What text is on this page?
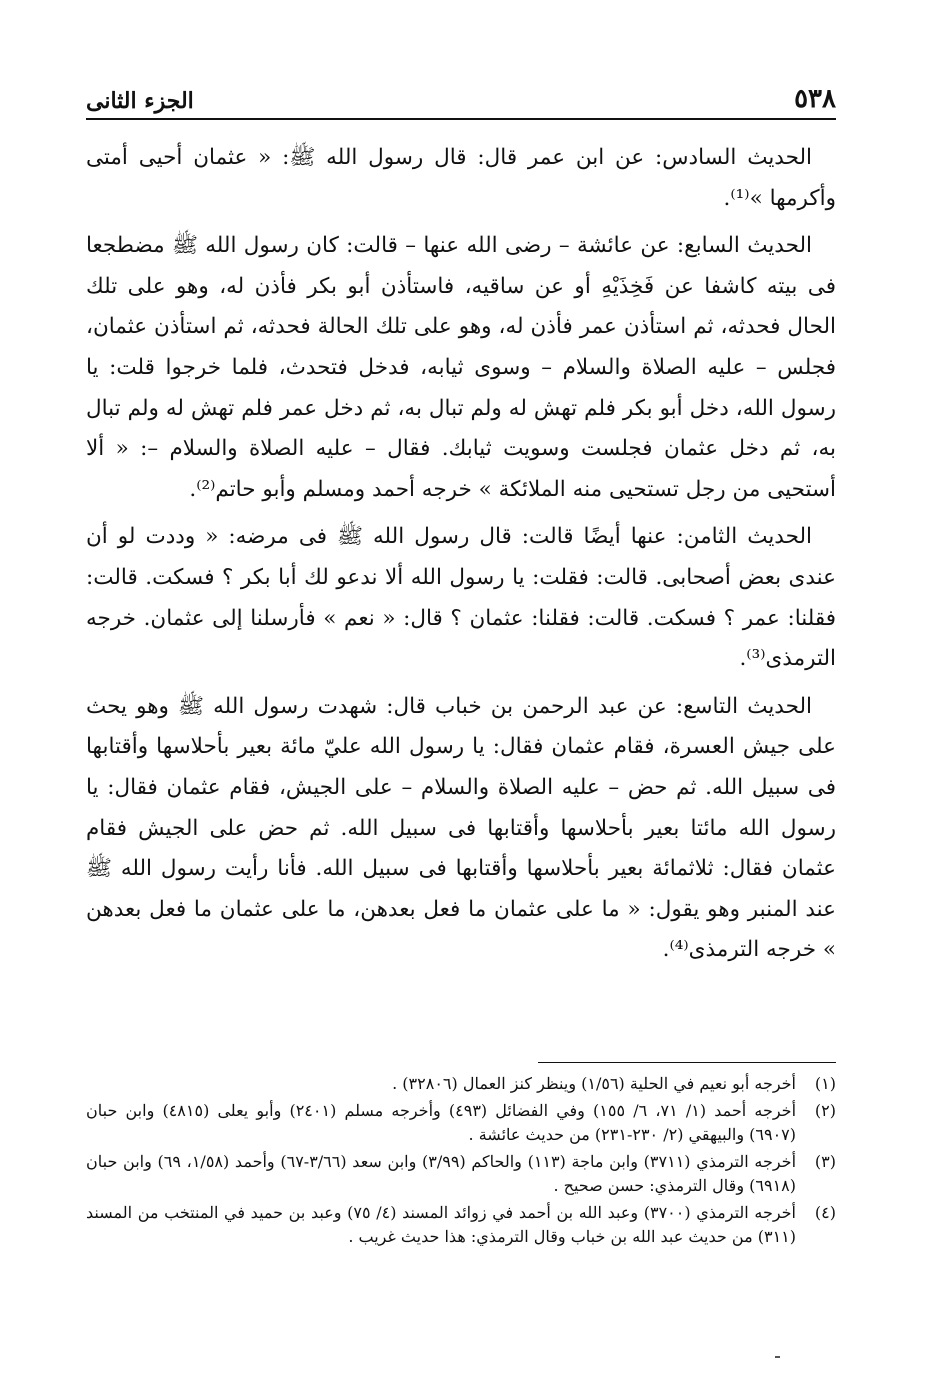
٥٣٨
الجزء الثانى

الحديث السادس: عن ابن عمر قال: قال رسول الله ﷺ: « عثمان أحيى أمتى وأكرمها »⁽¹⁾.

الحديث السابع: عن عائشة – رضى الله عنها – قالت: كان رسول الله ﷺ مضطجعا فى بيته كاشفا عن فَخِذَيْهِ أو عن ساقيه، فاستأذن أبو بكر فأذن له، وهو على تلك الحال فحدثه، ثم استأذن عمر فأذن له، وهو على تلك الحالة فحدثه، ثم استأذن عثمان، فجلس – عليه الصلاة والسلام – وسوى ثيابه، فدخل فتحدث، فلما خرجوا قلت: يا رسول الله، دخل أبو بكر فلم تهش له ولم تبال به، ثم دخل عمر فلم تهش له ولم تبال به، ثم دخل عثمان فجلست وسويت ثيابك. فقال – عليه الصلاة والسلام –: « ألا أستحيى من رجل تستحيى منه الملائكة » خرجه أحمد ومسلم وأبو حاتم⁽²⁾.

الحديث الثامن: عنها أيضًا قالت: قال رسول الله ﷺ فى مرضه: « وددت لو أن عندى بعض أصحابى. قالت: فقلت: يا رسول الله ألا ندعو لك أبا بكر ؟ فسكت. قالت: فقلنا: عمر ؟ فسكت. قالت: فقلنا: عثمان ؟ قال: « نعم » فأرسلنا إلى عثمان. خرجه الترمذى⁽³⁾.

الحديث التاسع: عن عبد الرحمن بن خباب قال: شهدت رسول الله ﷺ وهو يحث على جيش العسرة، فقام عثمان فقال: يا رسول الله عليّ مائة بعير بأحلاسها وأقتابها فى سبيل الله. ثم حض – عليه الصلاة والسلام – على الجيش، فقام عثمان فقال: يا رسول الله مائتا بعير بأحلاسها وأقتابها فى سبيل الله. ثم حض على الجيش فقام عثمان فقال: ثلاثمائة بعير بأحلاسها وأقتابها فى سبيل الله. فأنا رأيت رسول الله ﷺ عند المنبر وهو يقول: « ما على عثمان ما فعل بعدهن، ما على عثمان ما فعل بعدهن » خرجه الترمذى⁽⁴⁾.

(١)
أخرجه أبو نعيم في الحلية (١/٥٦) وينظر كنز العمال (٣٢٨٠٦) .
(٢)
أخرجه أحمد (١/ ٧١، ٦/ ١٥٥) وفي الفضائل (٤٩٣) وأخرجه مسلم (٢٤٠١) وأبو يعلى (٤٨١٥) وابن حبان (٦٩٠٧) والبيهقي (٢/ ٢٣٠-٢٣١) من حديث عائشة .
(٣)
أخرجه الترمذي (٣٧١١) وابن ماجة (١١٣) والحاكم (٣/٩٩) وابن سعد (٣/٦٦-٦٧) وأحمد (١/٥٨، ٦٩) وابن حبان (٦٩١٨) وقال الترمذي: حسن صحيح .
(٤)
أخرجه الترمذي (٣٧٠٠) وعبد الله بن أحمد في زوائد المسند (٤/ ٧٥) وعبد بن حميد في المنتخب من المسند (٣١١) من حديث عبد الله بن خباب وقال الترمذي: هذا حديث غريب .
